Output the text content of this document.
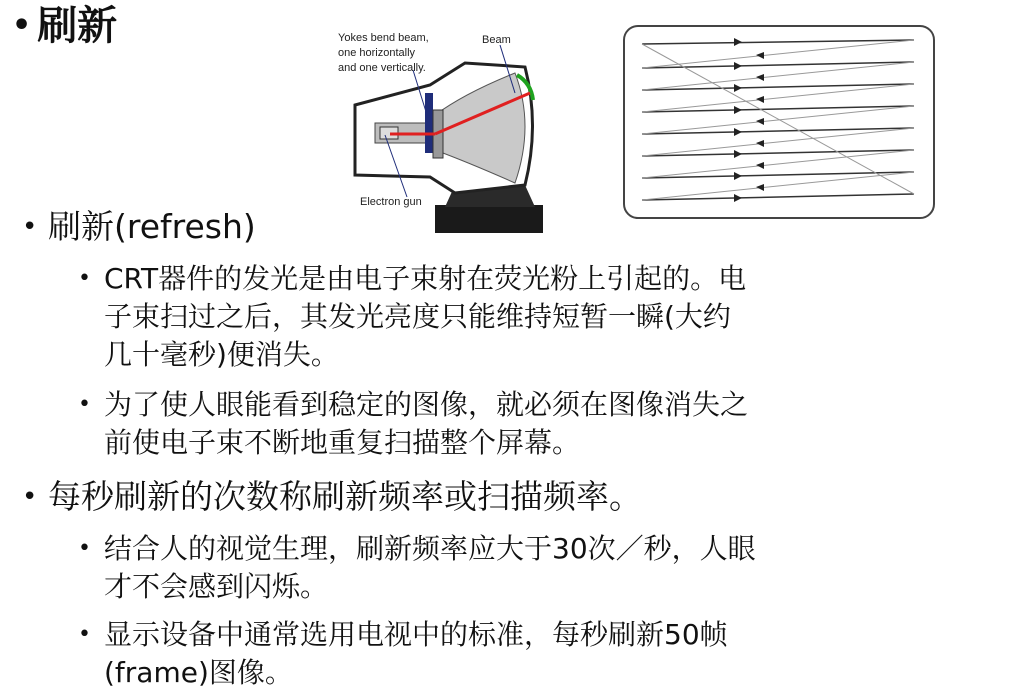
• 刷新	Yokes bend beam,
one horizontally
and one vertically.
Beam
Electron gun
• 刷新(refresh)
• CRT器件的发光是由电子束射在荧光粉上引起的。电
子束扫过之后，其发光亮度只能维持短暂一瞬(大约
几十毫秒)便消失。
• 为了使人眼能看到稳定的图像，就必须在图像消失之
前使电子束不断地重复扫描整个屏幕。
• 每秒刷新的次数称刷新频率或扫描频率。
• 结合人的视觉生理，刷新频率应大于30次／秒，人眼
才不会感到闪烁。
• 显示设备中通常选用电视中的标准，每秒刷新50帧
(frame)图像。
